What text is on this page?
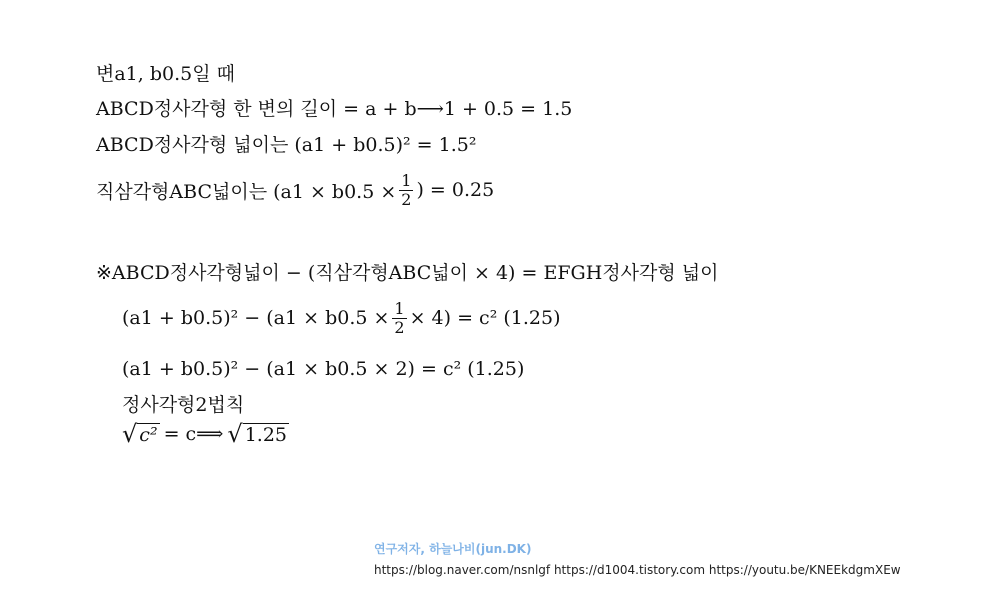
변a1, b0.5일 때
ABCD정사각형 한 변의 길이 = a + b⟶1 + 0.5 = 1.5
ABCD정사각형 넓이는 (a1 + b0.5)² = 1.5²
직삼각형ABC넓이는 ($a1 \times b0.5 \times \frac{1}{2}$ ) = 0.25
※ABCD정사각형넓이 − (직삼각형ABC넓이 × 4) = EFGH정사각형 넓이
$(a1 + b0.5)^2 - (a1 \times b0.5 \times \frac{1}{2} \times 4) = c^2$ (1.25)
(a1 + b0.5)² − (a1 × b0.5 × 2) = c² (1.25)
정사각형2법칙
√ c² = c⟹ √ 1.25
연구저자, 하늘나비(jun.DK)
https://blog.naver.com/nsnlgf https://d1004.tistory.com https://youtu.be/KNEEkdgmXEw
